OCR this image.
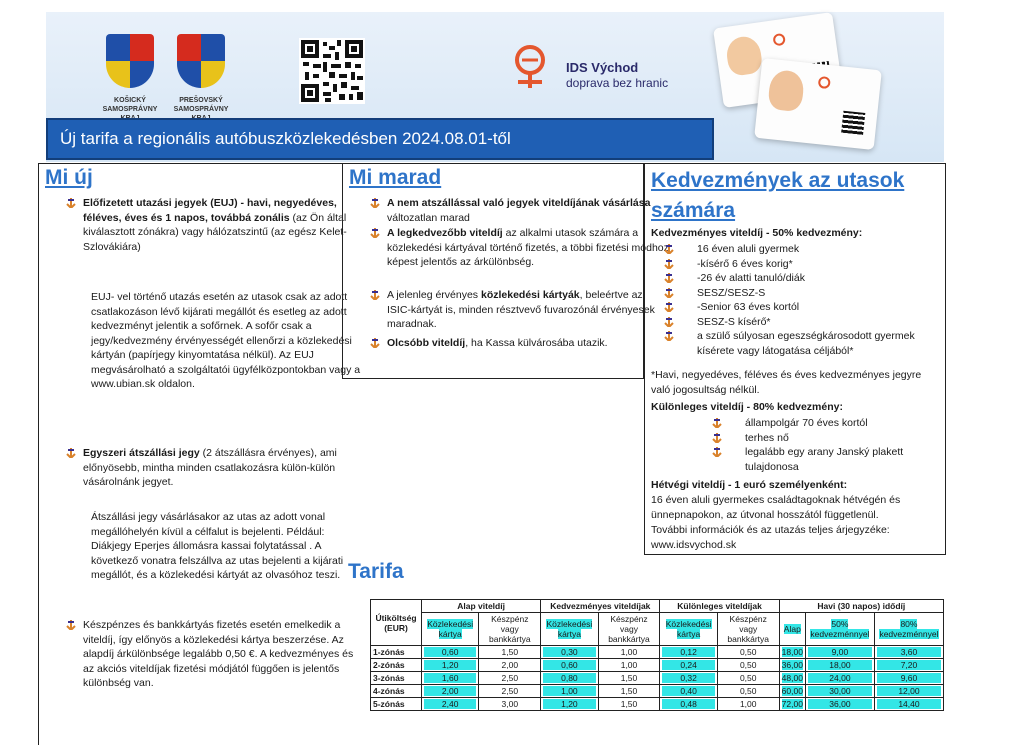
KOŠICKÝ
SAMOSPRÁVNY

PREŠOVSKÝ
SAMOSPRÁVNY

IDS Východ
doprava bez hranic
Új tarifa a regionális autóbuszközlekedésben 2024.08.01-től
Mi új
Előfizetett utazási jegyek (EUJ) - havi, negyedéves, féléves, éves és 1 napos, továbbá zonális (az Ön által kiválasztott zónákra) vagy hálózatszintű (az egész Kelet-Szlovákiára)
EUJ- vel történő utazás esetén az utasok csak az adott csatlakozáson lévő kijárati megállót és esetleg az adott kedvezményt jelentik a sofőrnek. A sofőr csak a jegy/kedvezmény érvényességét ellenőrzi a közlekedési kártyán (papírjegy kinyomtatása nélkül). Az EUJ megvásárolható a szolgáltatói ügyfélközpontokban vagy a www.ubian.sk oldalon.
Egyszeri átszállási jegy (2 átszállásra érvényes), ami előnyösebb, mintha minden csatlakozásra külön-külön vásárolnánk jegyet.
Átszállási jegy vásárlásakor az utas az adott vonal megállóhelyén kívül a célfalut is bejelenti. Például: Diákjegy Eperjes állomásra kassai folytatással . A következő vonatra felszállva az utas bejelenti a kijárati megállót, és a közlekedési kártyát az olvasóhoz teszi.
Készpénzes és bankkártyás fizetés esetén emelkedik a viteldíj, így előnyös a közlekedési kártya beszerzése. Az alapdíj árkülönbsége legalább 0,50 €. A kedvezményes és az akciós viteldíjak fizetési módjától függően is jelentős különbség van.
Mi marad
A nem atszállással való jegyek viteldíjának vásárlása változatlan marad
A legkedvezőbb viteldíj az alkalmi utasok számára a közlekedési kártyával történő fizetés, a többi fizetési módhoz képest jelentős az árkülönbség.
A jelenleg érvényes közlekedési kártyák, beleértve az ISIC-kártyát is, minden résztvevő fuvarozónál érvényesek maradnak.
Olcsóbb viteldíj, ha Kassa külvárosába utazik.
Kedvezmények az utasok számára
Kedvezményes viteldíj - 50% kedvezmény:
16 éven aluli gyermek
-kísérő 6 éves korig*
-26 év alatti tanuló/diák
SESZ/SESZ-S
-Senior 63 éves kortól
SESZ-S kísérő*
a szülő súlyosan egeszségkárosodott gyermek kísérete vagy látogatása céljából*
*Havi, negyedéves, féléves és éves kedvezményes jegyre való jogosultság nélkül.
Különleges viteldíj - 80% kedvezmény:
állampolgár 70 éves kortól
terhes nő
legalább egy arany Janský plakett tulajdonosa
Hétvégi viteldíj - 1 euró személyenként:
16 éven aluli gyermekes családtagoknak hétvégén és ünnepnapokon, az útvonal hosszától függetlenül.
További információk és az utazás teljes árjegyzéke:
www.idsvychod.sk
Tarifa
Útiköltség (EUR)	Alap viteldíj		Kedvezményes viteldíjak		Különleges viteldíjak		Havi (30 napos) idődíj		
	Közlekedési kártya	Készpénz vagy bankkártya	Közlekedési kártya	Készpénz vagy bankkártya	Közlekedési kártya	Készpénz vagy bankkártya	Alap	50% kedvezménnyel	80% kedvezménnyel
1-zónás	0,60	1,50	0,30	1,00	0,12	0,50	18,00	9,00	3,60

2-zónás	1,20	2,00	0,60	1,00	0,24	0,50	36,00	18,00	7,20

3-zónás	1,60	2,50	0,80	1,50	0,32	0,50	48,00	24,00	9,60

4-zónás	2,00	2,50	1,00	1,50	0,40	0,50	60,00	30,00	12,00

5-zónás	2,40	3,00	1,20	1,50	0,48	1,00	72,00	36,00	14,40
